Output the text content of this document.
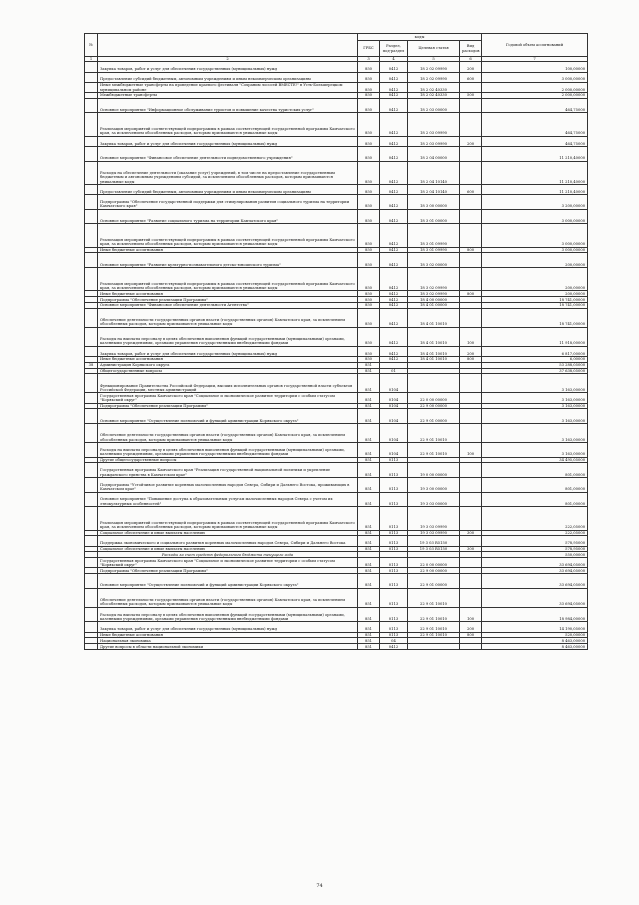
№		коды				Годовой объем ассигнований
		ГРБС	Раздел, под-раздел	Целевая статья	Вид расходов	
1	2	3	4	5	6	7
	Закупка товаров, работ и услуг для обеспечения государственных (муниципальных) нужд	850	0412	18 2 02 09990	200	100,00000
	Предоставление субсидий бюджетным, автономным учреждениям и иным некоммерческим организациям	850	0412	18 2 02 09990	600	3 000,00000
	Иные межбюджетные трансферты на проведение краевого фестиваля "Сохраним лососей ВМЕСТЕ!" в Усть-Большерецком муниципальном районе	850	0412	18 2 02 40330		2 000,00000
	Межбюджетные трансферты	850	0412	18 2 02 40330	500	2 000,00000
	Основное мероприятие "Информационное обслуживание туристов и повышение качества туристских услуг"	850	0412	18 2 03 00000		464,75000
	Реализация мероприятий соответствующей подпрограммы в рамках соответствующей государственной программы Камчатского края, за исключением обособленных расходов, которым присваиваются уникальные коды	850	0412	18 2 03 09990		464,75000
	Закупка товаров, работ и услуг для обеспечения государственных (муниципальных) нужд	850	0412	18 2 03 09990	200	464,75000
	Основное мероприятие "Финансовое обеспечение деятельности подведомственного учреждения"	850	0412	18 2 04 00000		11 210,40000
	Расходы на обеспечение деятельности (оказание услуг) учреждений, в том числе на предоставление государственным бюджетным и автономным учреждениям субсидий, за исключением обособленных расходов, которым присваиваются уникальные коды	850	0412	18 2 04 10140		11 210,40000
	Предоставление субсидий бюджетным, автономным учреждениям и иным некоммерческим организациям	850	0412	18 2 04 10140	600	11 210,40000
	Подпрограмма "Обеспечение государственной поддержки для стимулирования развития социального туризма на территории Камчатского края"	850	0412	18 3 00 00000		3 200,00000
	Основное мероприятие "Развитие социального туризма на территории Камчатского края"	850	0412	18 3 01 00000		3 000,00000
	Реализация мероприятий соответствующей подпрограммы в рамках соответствующей государственной программы Камчатского края, за исключением обособленных расходов, которым присваиваются уникальные коды	850	0412	18 3 01 09990		3 000,00000
	Иные бюджетные ассигнования	850	0412	18 3 01 09990	800	3 000,00000
	Основное мероприятие "Развитие культурно-познавательного детско-юношеского туризма"	850	0412	18 3 02 00000		200,00000
	Реализация мероприятий соответствующей подпрограммы в рамках соответствующей государственной программы Камчатского края, за исключением обособленных расходов, которым присваиваются уникальные коды	850	0412	18 3 02 09990		200,00000
	Иные бюджетные ассигнования	850	0412	18 3 02 09990	800	200,00000
	Подпрограмма "Обеспечение реализации Программы"	850	0412	18 4 00 00000		18 741,00000
	Основное мероприятие "Финансовое обеспечение деятельности Агентства"	850	0412	18 4 01 00000		18 741,00000
	Обеспечение деятельности государственных органов власти (государственных органов) Камчатского края, за исключением обособленных расходов, которым присваиваются уникальные коды	850	0412	18 4 01 10010		18 741,00000
	Расходы на выплаты персоналу в целях обеспечения выполнения функций государственными (муниципальными) органами, казенными учреждениями, органами управления государственными внебюджетными фондами	850	0412	18 4 01 10010	100	11 918,00000
	Закупка товаров, работ и услуг для обеспечения государственных (муниципальных) нужд	850	0412	18 4 01 10010	200	6 817,00000
	Иные бюджетные ассигнования	850	0412	18 4 01 10010	800	6,00000
38	Администрация Корякского округа	851				53 288,05000
	Общегосударственные вопросы	851	01			37 638,05000
	Функционирование Правительства Российской Федерации, высших исполнительных органов государственной власти субъектов Российской Федерации, местных администраций	851	0104			3 163,00000
	Государственная программа Камчатского края "Социальное и экономическое развитие территории с особым статусом "Корякский округ"	851	0104	22 0 00 00000		3 163,00000
	Подпрограмма "Обеспечение реализации Программы"	851	0104	22 9 00 00000		3 163,00000
	Основное мероприятие "Осуществление полномочий и функций администрации Корякского округа"	851	0104	22 9 01 00000		3 163,00000
	Обеспечение деятельности государственных органов власти (государственных органов) Камчатского края, за исключением обособленных расходов, которым присваиваются уникальные коды	851	0104	22 9 01 10010		3 163,00000
	Расходы на выплаты персоналу в целях обеспечения выполнения функций государственными (муниципальными) органами, казенными учреждениями, органами управления государственными внебюджетными фондами	851	0104	22 9 01 10010	100	3 163,00000
	Другие общегосударственные вопросы	851	0113			34 495,05000
	Государственная программа Камчатского края "Реализация государственной национальной политики и укрепление гражданского единства в Камчатском крае"	851	0113	19 0 00 00000		801,00000
	Подпрограмма "Устойчивое развитие коренных малочисленных народов Севера, Сибири и Дальнего Востока, проживающих в Камчатском крае"	851	0113	19 3 00 00000		801,00000
	Основное мероприятие "Повышение доступа к образовательным услугам малочисленных народов Севера с учетом их этнокультурных особенностей"	851	0113	19 3 03 00000		801,00000
	Реализация мероприятий соответствующей подпрограммы в рамках соответствующей государственной программы Камчатского края, за исключением обособленных расходов, которым присваиваются уникальные коды	851	0113	19 3 03 09990		222,05000
	Социальное обеспечение и иные выплаты населению	851	0113	19 3 03 09990	300	222,05000
	Поддержка экономического и социального развития коренных малочисленных народов Севера, Сибири и Дальнего Востока	851	0113	19 3 03 R5150		578,95000
	Социальное обеспечение и иные выплаты населению	851	0113	19 3 03 R5150	300	578,95000
	Расходы за счет средств федерального бюджета текущего года					550,00000
	Государственная программа Камчатского края "Социальное и экономическое развитие территории с особым статусом "Корякский округ"	851	0113	22 0 00 00000		33 694,05000
	Подпрограмма "Обеспечение реализации Программы"	851	0113	22 9 00 00000		33 694,05000
	Основное мероприятие "Осуществление полномочий и функций администрации Корякского округа"	851	0113	22 9 01 00000		33 694,05000
	Обеспечение деятельности государственных органов власти (государственных органов) Камчатского края, за исключением обособленных расходов, которым присваиваются уникальные коды	851	0113	22 9 01 10010		33 694,05000
	Расходы на выплаты персоналу в целях обеспечения выполнения функций государственными (муниципальными) органами, казенными учреждениями, органами управления государственными внебюджетными фондами	851	0113	22 9 01 10010	100	18 984,00000
	Закупка товаров, работ и услуг для обеспечения государственных (муниципальных) нужд	851	0113	22 9 01 10010	200	14 190,05000
	Иные бюджетные ассигнования	851	0113	22 9 01 10010	800	520,00000
	Национальная экономика	851	04			8 463,00000
	Другие вопросы в области национальной экономики	851	0412			8 463,00000
74
